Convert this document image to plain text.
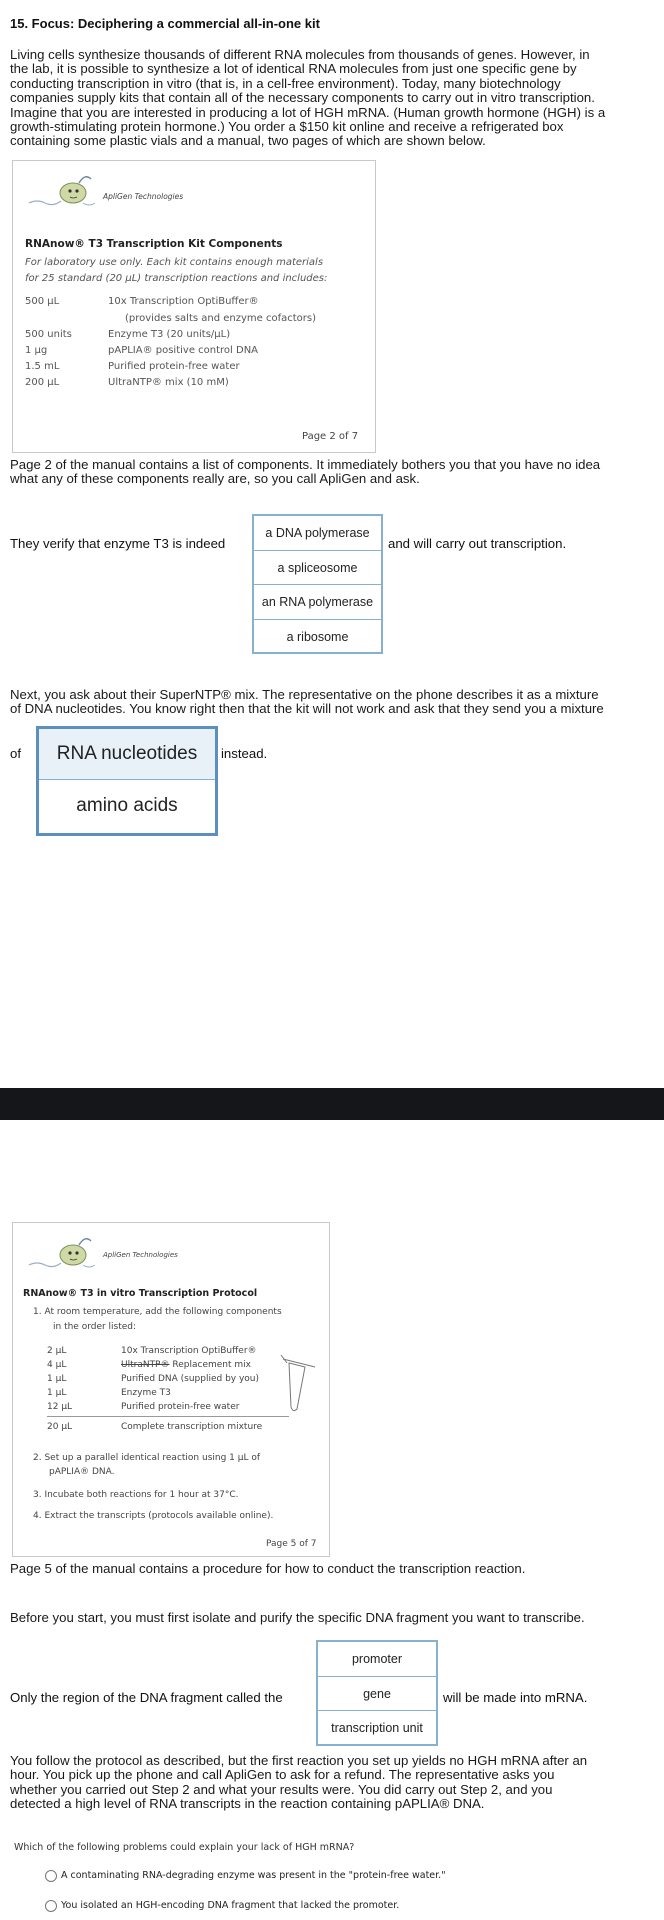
15. Focus: Deciphering a commercial all-in-one kit
Living cells synthesize thousands of different RNA molecules from thousands of genes. However, in
the lab, it is possible to synthesize a lot of identical RNA molecules from just one specific gene by
conducting transcription in vitro (that is, in a cell-free environment). Today, many biotechnology
companies supply kits that contain all of the necessary components to carry out in vitro transcription.
Imagine that you are interested in producing a lot of HGH mRNA. (Human growth hormone (HGH) is a
growth-stimulating protein hormone.) You order a $150 kit online and receive a refrigerated box
containing some plastic vials and a manual, two pages of which are shown below.
ApliGen Technologies
RNAnow® T3 Transcription Kit Components
For laboratory use only. Each kit contains enough materials
for 25 standard (20 µL) transcription reactions and includes:
500 µL	10x Transcription OptiBuffer®
(provides salts and enzyme cofactors)
500 units	Enzyme T3 (20 units/µL)
1 µg	pAPLIA® positive control DNA
1.5 mL	Purified protein-free water
200 µL	UltraNTP® mix (10 mM)
Page 2 of 7
Page 2 of the manual contains a list of components. It immediately bothers you that you have no idea
what any of these components really are, so you call ApliGen and ask.
They verify that enzyme T3 is indeed
a DNA polymerase
a spliceosome
an RNA polymerase
a ribosome
and will carry out transcription.
Next, you ask about their SuperNTP® mix. The representative on the phone describes it as a mixture
of DNA nucleotides. You know right then that the kit will not work and ask that they send you a mixture
of	RNA nucleotides
amino acids
instead.
ApliGen Technologies
RNAnow® T3 in vitro Transcription Protocol
1. At room temperature, add the following components
in the order listed:
2 µL	10x Transcription OptiBuffer®
4 µL	UltraNTP® Replacement mix
1 µL	Purified DNA (supplied by you)
1 µL	Enzyme T3
12 µL	Purified protein-free water
20 µL	Complete transcription mixture
2. Set up a parallel identical reaction using 1 µL of
pAPLIA® DNA.
3. Incubate both reactions for 1 hour at 37°C.
4. Extract the transcripts (protocols available online).
Page 5 of 7
Page 5 of the manual contains a procedure for how to conduct the transcription reaction.
Before you start, you must first isolate and purify the specific DNA fragment you want to transcribe.
Only the region of the DNA fragment called the
promoter
gene
transcription unit
will be made into mRNA.
You follow the protocol as described, but the first reaction you set up yields no HGH mRNA after an
hour. You pick up the phone and call ApliGen to ask for a refund. The representative asks you
whether you carried out Step 2 and what your results were. You did carry out Step 2, and you
detected a high level of RNA transcripts in the reaction containing pAPLIA® DNA.
Which of the following problems could explain your lack of HGH mRNA?
A contaminating RNA-degrading enzyme was present in the "protein-free water."
You isolated an HGH-encoding DNA fragment that lacked the promoter.
